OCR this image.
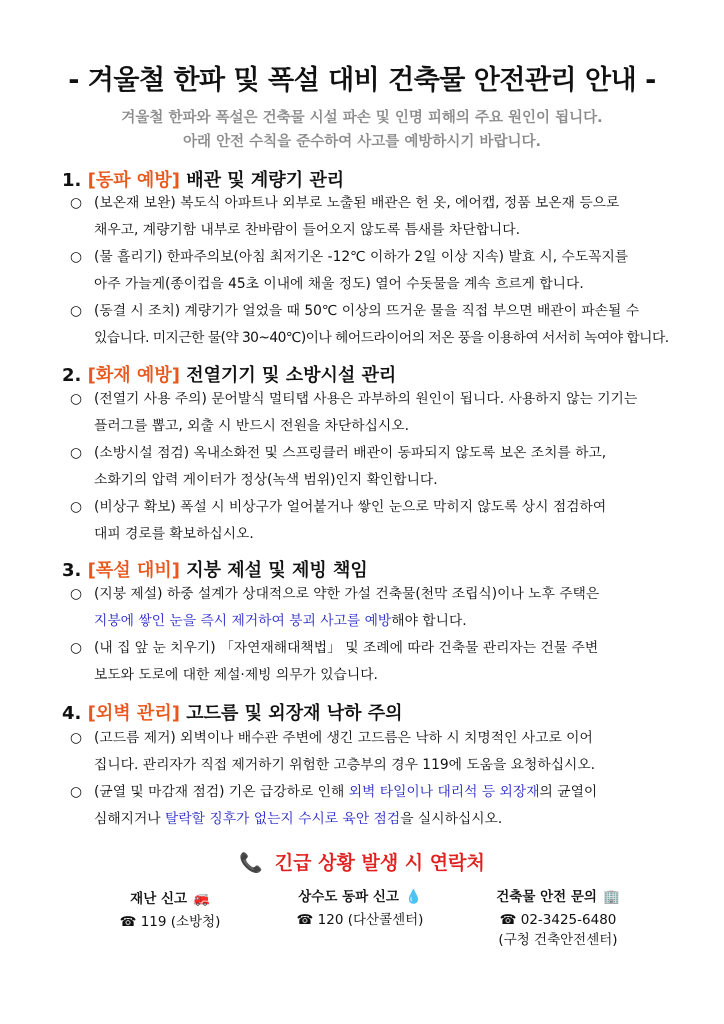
- 겨울철 한파 및 폭설 대비 건축물 안전관리 안내 -
겨울철 한파와 폭설은 건축물 시설 파손 및 인명 피해의 주요 원인이 됩니다.
아래 안전 수칙을 준수하여 사고를 예방하시기 바랍니다.
1. [동파 예방] 배관 및 계량기 관리
○ (보온재 보완) 복도식 아파트나 외부로 노출된 배관은 헌 옷, 에어캡, 정품 보온재 등으로
채우고, 계량기함 내부로 찬바람이 들어오지 않도록 틈새를 차단합니다.
○ (물 흘리기) 한파주의보(아침 최저기온 -12℃ 이하가 2일 이상 지속) 발효 시, 수도꼭지를
아주 가늘게(종이컵을 45초 이내에 채울 정도) 열어 수돗물을 계속 흐르게 합니다.
○ (동결 시 조치) 계량기가 얼었을 때 50℃ 이상의 뜨거운 물을 직접 부으면 배관이 파손될 수
있습니다. 미지근한 물(약 30~40℃)이나 헤어드라이어의 저온 풍을 이용하여 서서히 녹여야 합니다.
2. [화재 예방] 전열기기 및 소방시설 관리
○ (전열기 사용 주의) 문어발식 멀티탭 사용은 과부하의 원인이 됩니다. 사용하지 않는 기기는
플러그를 뽑고, 외출 시 반드시 전원을 차단하십시오.
○ (소방시설 점검) 옥내소화전 및 스프링클러 배관이 동파되지 않도록 보온 조치를 하고,
소화기의 압력 게이터가 정상(녹색 범위)인지 확인합니다.
○ (비상구 확보) 폭설 시 비상구가 얼어붙거나 쌓인 눈으로 막히지 않도록 상시 점검하여
대피 경로를 확보하십시오.
3. [폭설 대비] 지붕 제설 및 제빙 책임
○ (지붕 제설) 하중 설계가 상대적으로 약한 가설 건축물(천막 조립식)이나 노후 주택은
지붕에 쌓인 눈을 즉시 제거하여 붕괴 사고를 예방해야 합니다.
○ (내 집 앞 눈 치우기) 「자연재해대책법」 및 조례에 따라 건축물 관리자는 건물 주변
보도와 도로에 대한 제설·제빙 의무가 있습니다.
4. [외벽 관리] 고드름 및 외장재 낙하 주의
○ (고드름 제거) 외벽이나 배수관 주변에 생긴 고드름은 낙하 시 치명적인 사고로 이어
집니다. 관리자가 직접 제거하기 위험한 고층부의 경우 119에 도움을 요청하십시오.
○ (균열 및 마감재 점검) 기온 급강하로 인해 외벽 타일이나 대리석 등 외장재의 균열이
심해지거나 탈락할 징후가 없는지 수시로 육안 점검을 실시하십시오.
📞 긴급 상황 발생 시 연락처
재난 신고 🚒
☎ 119 (소방청)
상수도 동파 신고 💧
☎ 120 (다산콜센터)
건축물 안전 문의 🏢
☎ 02-3425-6480
(구청 건축안전센터)
